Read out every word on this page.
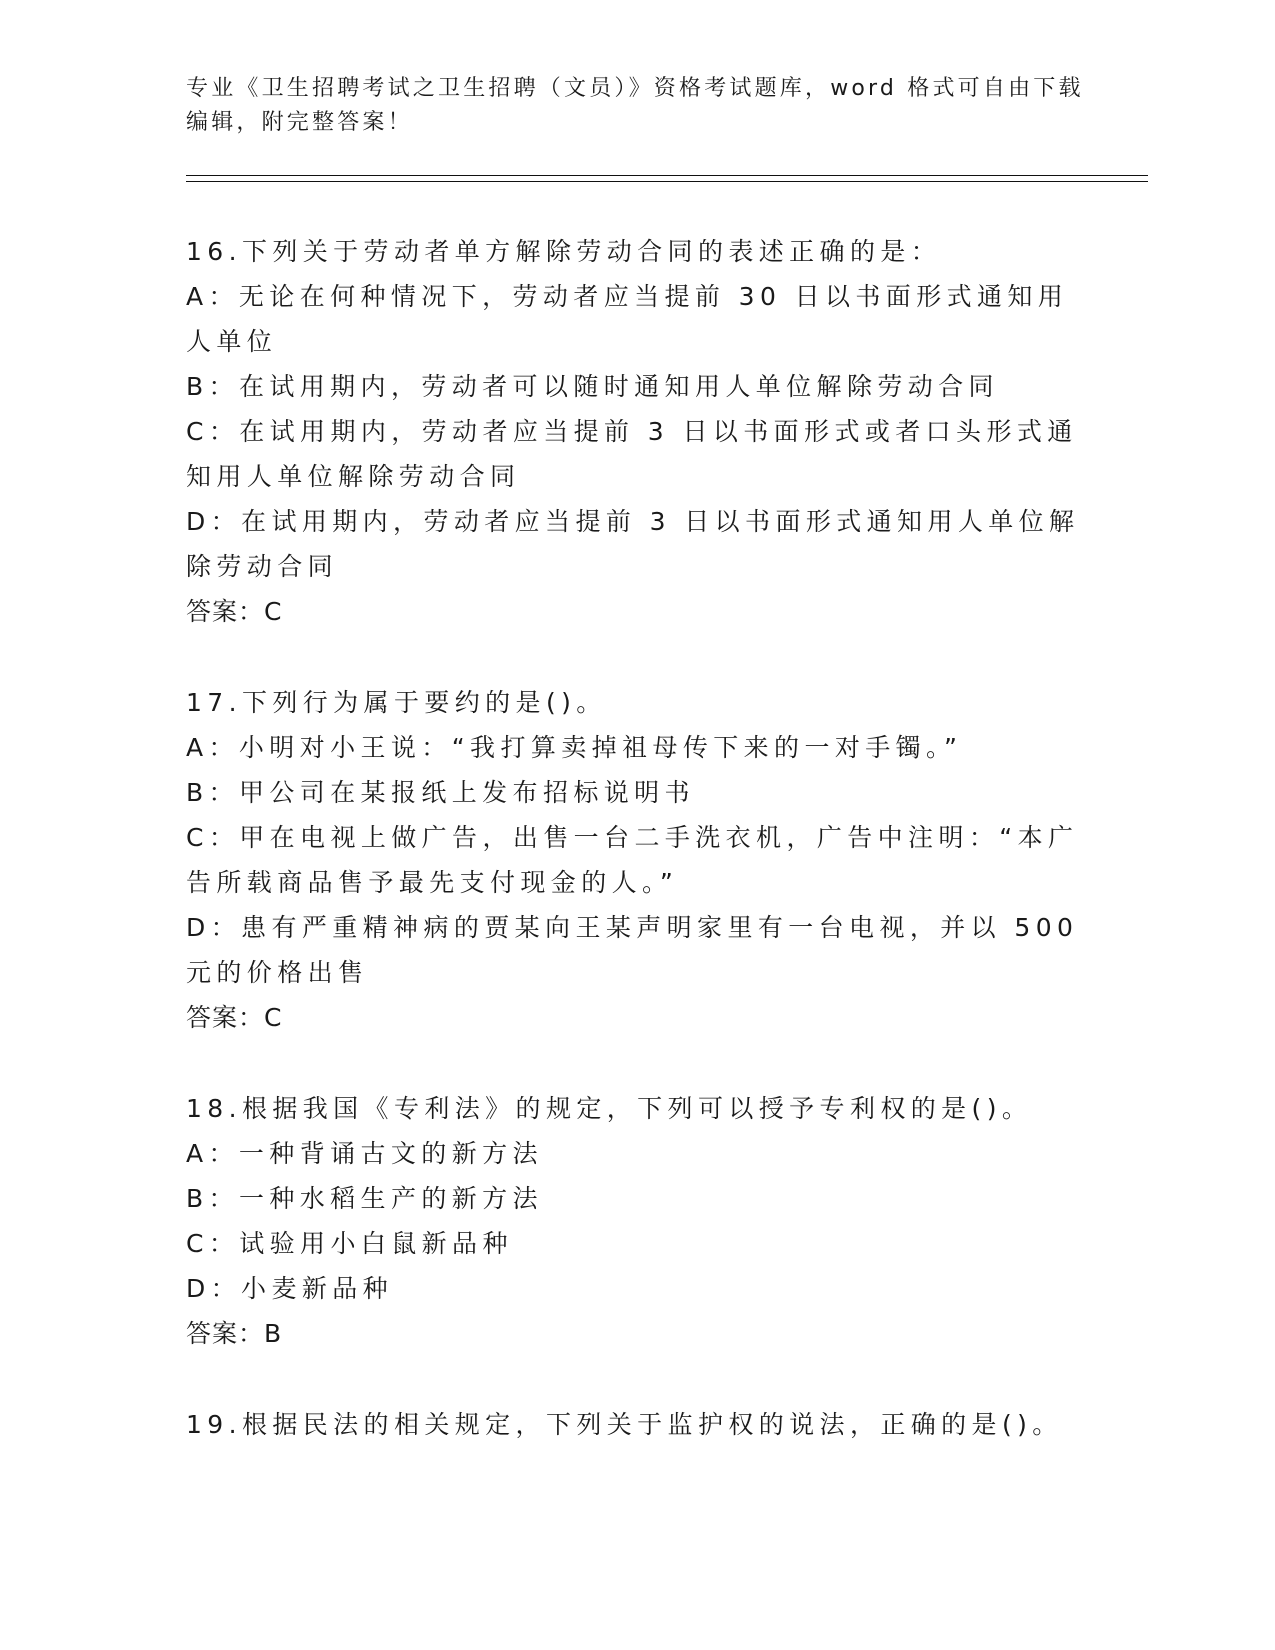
专业《卫生招聘考试之卫生招聘（文员）》资格考试题库，word 格式可自由下载编辑，附完整答案！
16.下列关于劳动者单方解除劳动合同的表述正确的是：
A：无论在何种情况下，劳动者应当提前 30 日以书面形式通知用人单位
B：在试用期内，劳动者可以随时通知用人单位解除劳动合同
C：在试用期内，劳动者应当提前 3 日以书面形式或者口头形式通知用人单位解除劳动合同
D：在试用期内，劳动者应当提前 3 日以书面形式通知用人单位解除劳动合同
答案：C
17.下列行为属于要约的是()。
A：小明对小王说：“我打算卖掉祖母传下来的一对手镯。”
B：甲公司在某报纸上发布招标说明书
C：甲在电视上做广告，出售一台二手洗衣机，广告中注明：“本广告所载商品售予最先支付现金的人。”
D：患有严重精神病的贾某向王某声明家里有一台电视，并以 500 元的价格出售
答案：C
18.根据我国《专利法》的规定，下列可以授予专利权的是()。
A：一种背诵古文的新方法
B：一种水稻生产的新方法
C：试验用小白鼠新品种
D：小麦新品种
答案：B
19.根据民法的相关规定，下列关于监护权的说法，正确的是()。
